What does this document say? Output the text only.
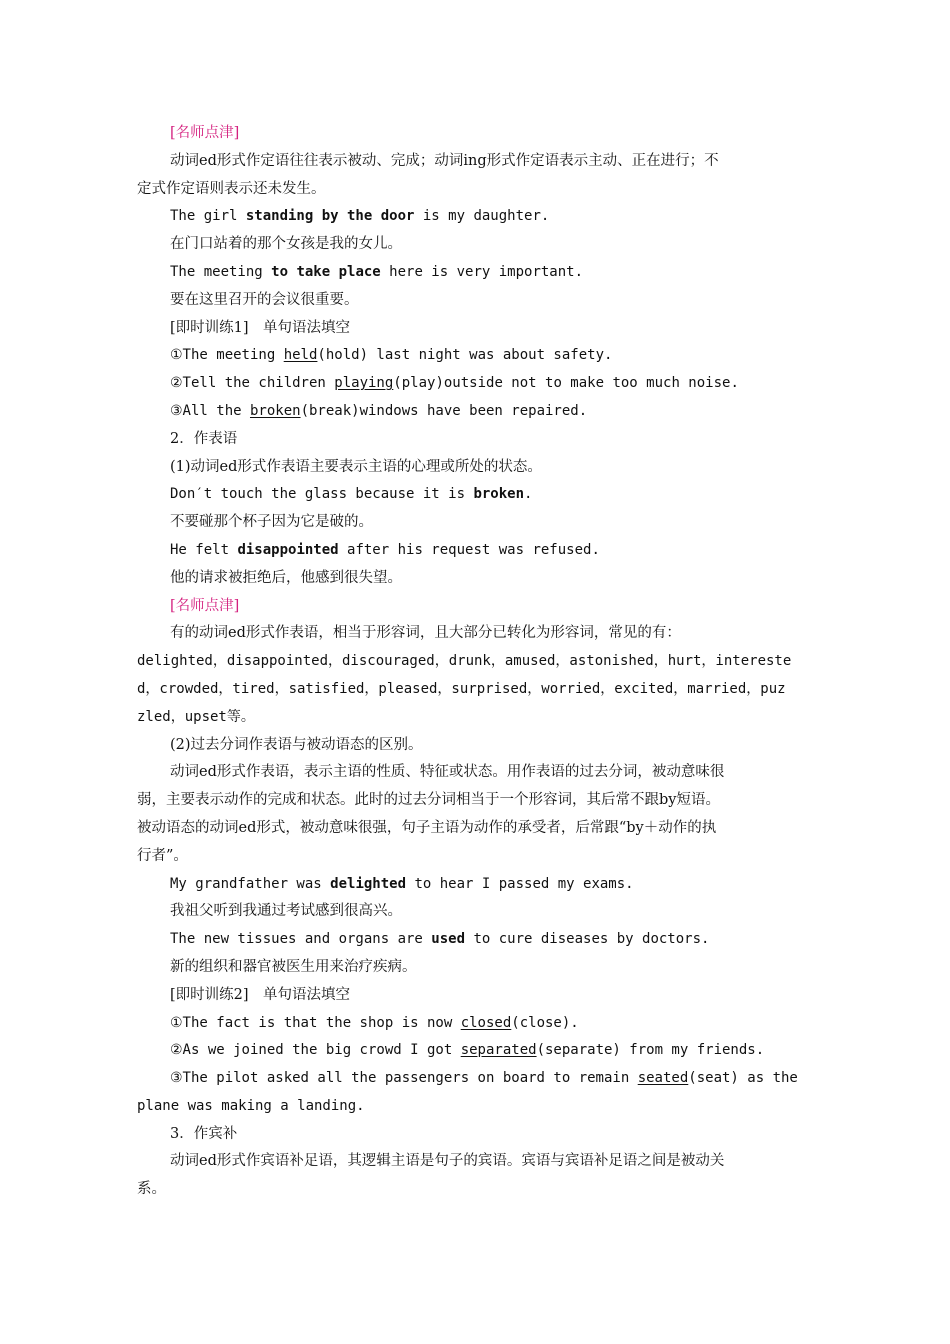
[名师点津]
动词ed形式作定语往往表示被动、完成；动词ing形式作定语表示主动、正在进行；不
定式作定语则表示还未发生。
The girl standing by the door is my daughter.
在门口站着的那个女孩是我的女儿。
The meeting to take place here is very important.
要在这里召开的会议很重要。
[即时训练1]　单句语法填空
①The meeting held(hold) last night was about safety.
②Tell the children playing(play)outside not to make too much noise.
③All the broken(break)windows have been repaired.
2．作表语
(1)动词ed形式作表语主要表示主语的心理或所处的状态。
Don′t touch the glass because it is broken.
不要碰那个杯子因为它是破的。
He felt disappointed after his request was refused.
他的请求被拒绝后，他感到很失望。
[名师点津]
有的动词ed形式作表语，相当于形容词，且大部分已转化为形容词，常见的有：
delighted，disappointed，discouraged，drunk，amused，astonished，hurt，intereste
d，crowded，tired，satisfied，pleased，surprised，worried，excited，married，puz
zled，upset等。
(2)过去分词作表语与被动语态的区别。
动词ed形式作表语，表示主语的性质、特征或状态。用作表语的过去分词，被动意味很
弱，主要表示动作的完成和状态。此时的过去分词相当于一个形容词，其后常不跟by短语。
被动语态的动词ed形式，被动意味很强，句子主语为动作的承受者，后常跟“by＋动作的执
行者”。
My grandfather was delighted to hear I passed my exams.
我祖父听到我通过考试感到很高兴。
The new tissues and organs are used to cure diseases by doctors.
新的组织和器官被医生用来治疗疾病。
[即时训练2]　单句语法填空
①The fact is that the shop is now closed(close).
②As we joined the big crowd I got separated(separate) from my friends.
③The pilot asked all the passengers on board to remain seated(seat) as the
plane was making a landing.
3．作宾补
动词ed形式作宾语补足语，其逻辑主语是句子的宾语。宾语与宾语补足语之间是被动关
系。
